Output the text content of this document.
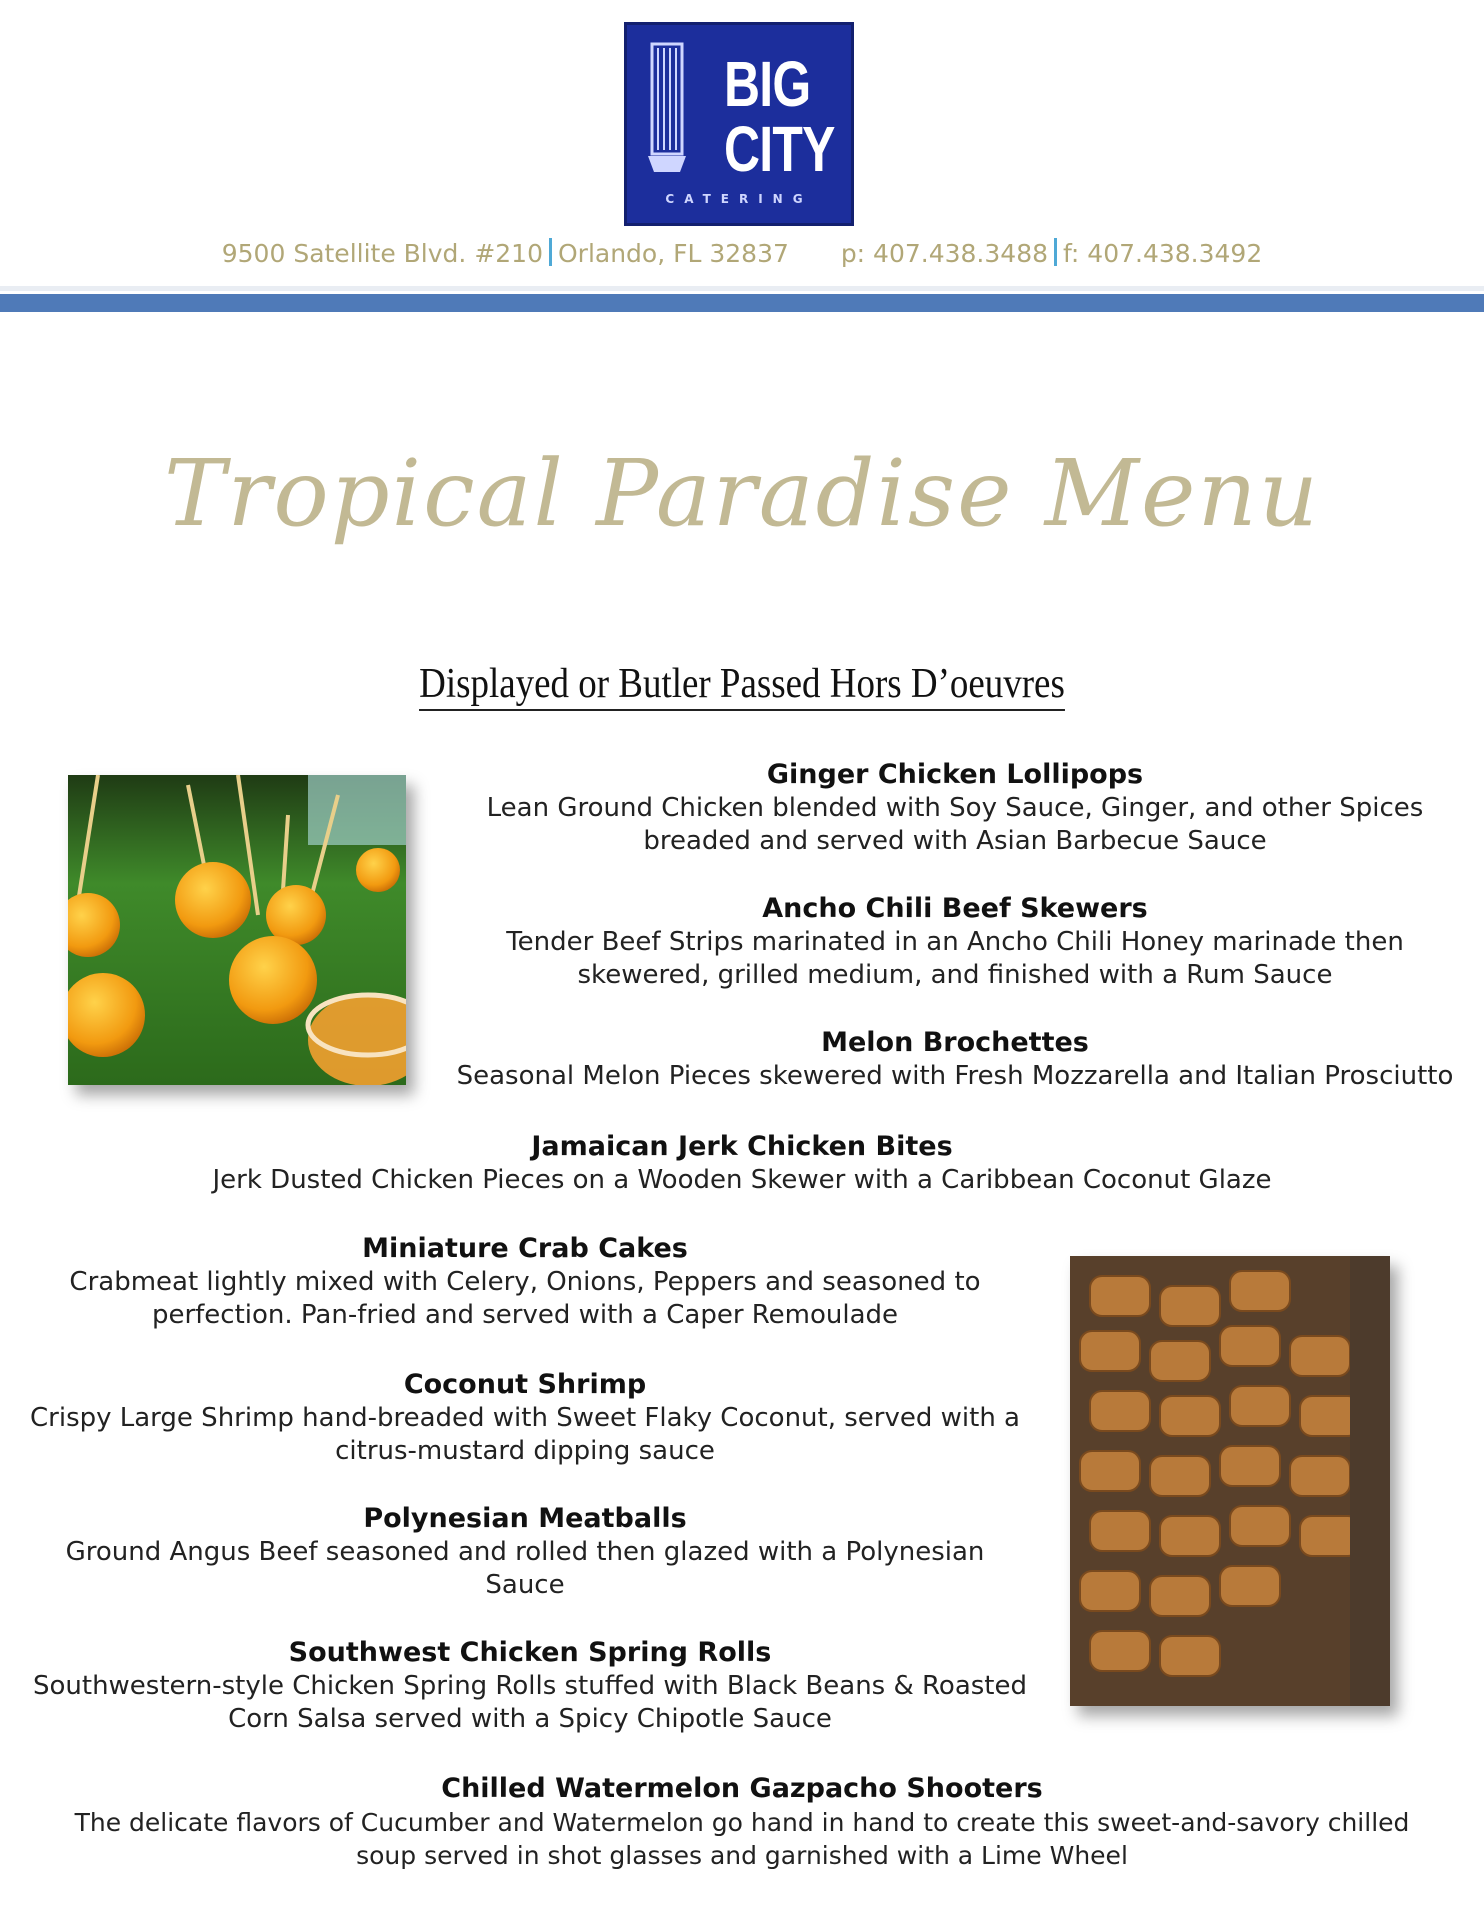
BIG
CITY
CATERING
9500 Satellite Blvd. #210 Orlando, FL 32837 p: 407.438.3488 f: 407.438.3492
Tropical Paradise Menu
Displayed or Butler Passed Hors D’oeuvres
Ginger Chicken Lollipops
Lean Ground Chicken blended with Soy Sauce, Ginger, and other Spices
breaded and served with Asian Barbecue Sauce
Ancho Chili Beef Skewers
Tender Beef Strips marinated in an Ancho Chili Honey marinade then
skewered, grilled medium, and finished with a Rum Sauce
Melon Brochettes
Seasonal Melon Pieces skewered with Fresh Mozzarella and Italian Prosciutto
Jamaican Jerk Chicken Bites
Jerk Dusted Chicken Pieces on a Wooden Skewer with a Caribbean Coconut Glaze
Miniature Crab Cakes
Crabmeat lightly mixed with Celery, Onions, Peppers and seasoned to
perfection. Pan-fried and served with a Caper Remoulade
Coconut Shrimp
Crispy Large Shrimp hand-breaded with Sweet Flaky Coconut, served with a
citrus-mustard dipping sauce
Polynesian Meatballs
Ground Angus Beef seasoned and rolled then glazed with a Polynesian
Sauce
Southwest Chicken Spring Rolls
Southwestern-style Chicken Spring Rolls stuffed with Black Beans & Roasted
Corn Salsa served with a Spicy Chipotle Sauce
Chilled Watermelon Gazpacho Shooters
The delicate flavors of Cucumber and Watermelon go hand in hand to create this sweet-and-savory chilled
soup served in shot glasses and garnished with a Lime Wheel
